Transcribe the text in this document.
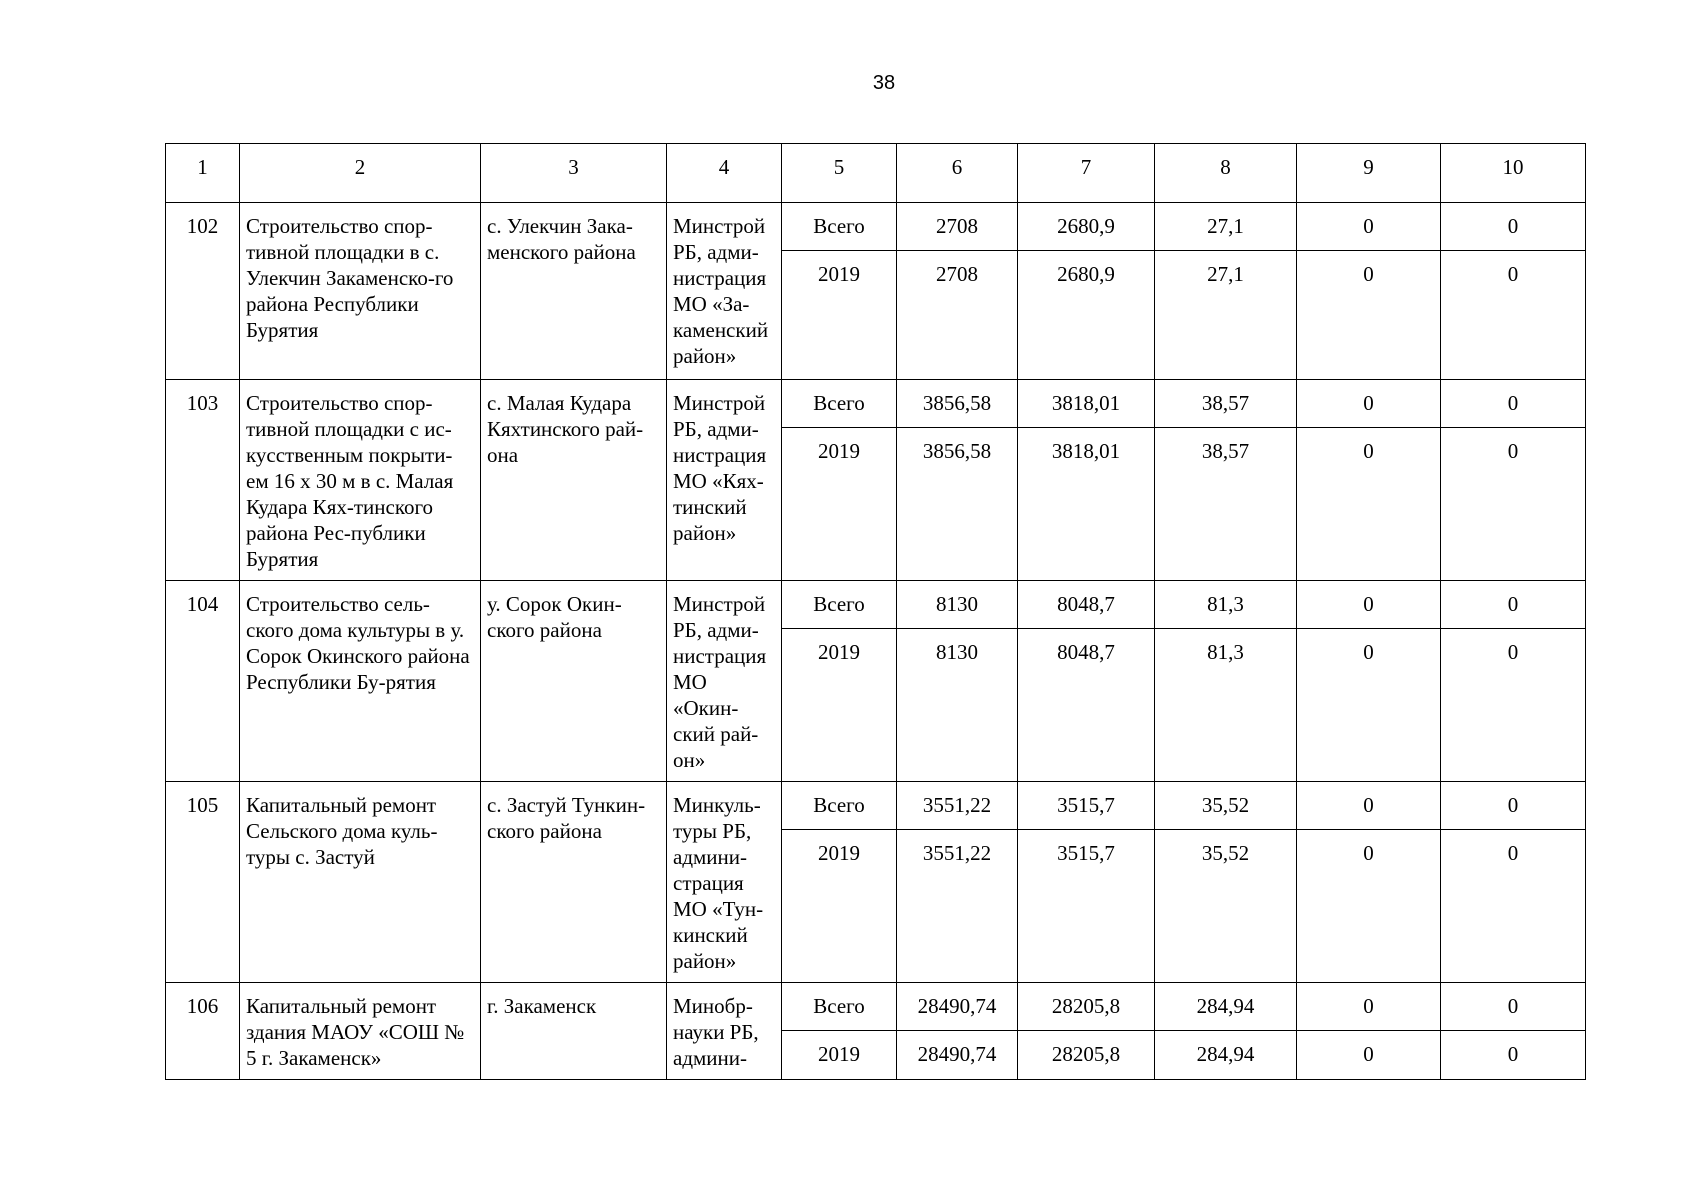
38
1	2	3	4	5	6	7	8	9	10
102	Строительство спор-тивной площадки в с. Улекчин Закаменско-го района Республики Бурятия	с. Улекчин Зака-менского района	Минстрой РБ, адми-нистрация МО «За-каменский район»	Всего	2708	2680,9	27,1	0	0
				2019	2708	2680,9	27,1	0	0
103	Строительство спор-тивной площадки с ис-кусственным покрыти-ем 16 х 30 м в с. Малая Кудара Кях-тинского района Рес-публики Бурятия	с. Малая Кудара Кяхтинского рай-она	Минстрой РБ, адми-нистрация МО «Кях-тинский район»	Всего	3856,58	3818,01	38,57	0	0
				2019	3856,58	3818,01	38,57	0	0
104	Строительство сель-ского дома культуры в у. Сорок Окинского района Республики Бу-рятия	у. Сорок Окин-ского района	Минстрой РБ, адми-нистрация МО «Окин-ский рай-он»	Всего	8130	8048,7	81,3	0	0
				2019	8130	8048,7	81,3	0	0
105	Капитальный ремонт Сельского дома куль-туры с. Застуй	с. Застуй Тункин-ского района	Минкуль-туры РБ, админи-страция МО «Тун-кинский район»	Всего	3551,22	3515,7	35,52	0	0
				2019	3551,22	3515,7	35,52	0	0
106	Капитальный ремонт здания МАОУ «СОШ № 5 г. Закаменск»	г. Закаменск	Минобр-науки РБ, админи-	Всего	28490,74	28205,8	284,94	0	0
				2019	28490,74	28205,8	284,94	0	0
